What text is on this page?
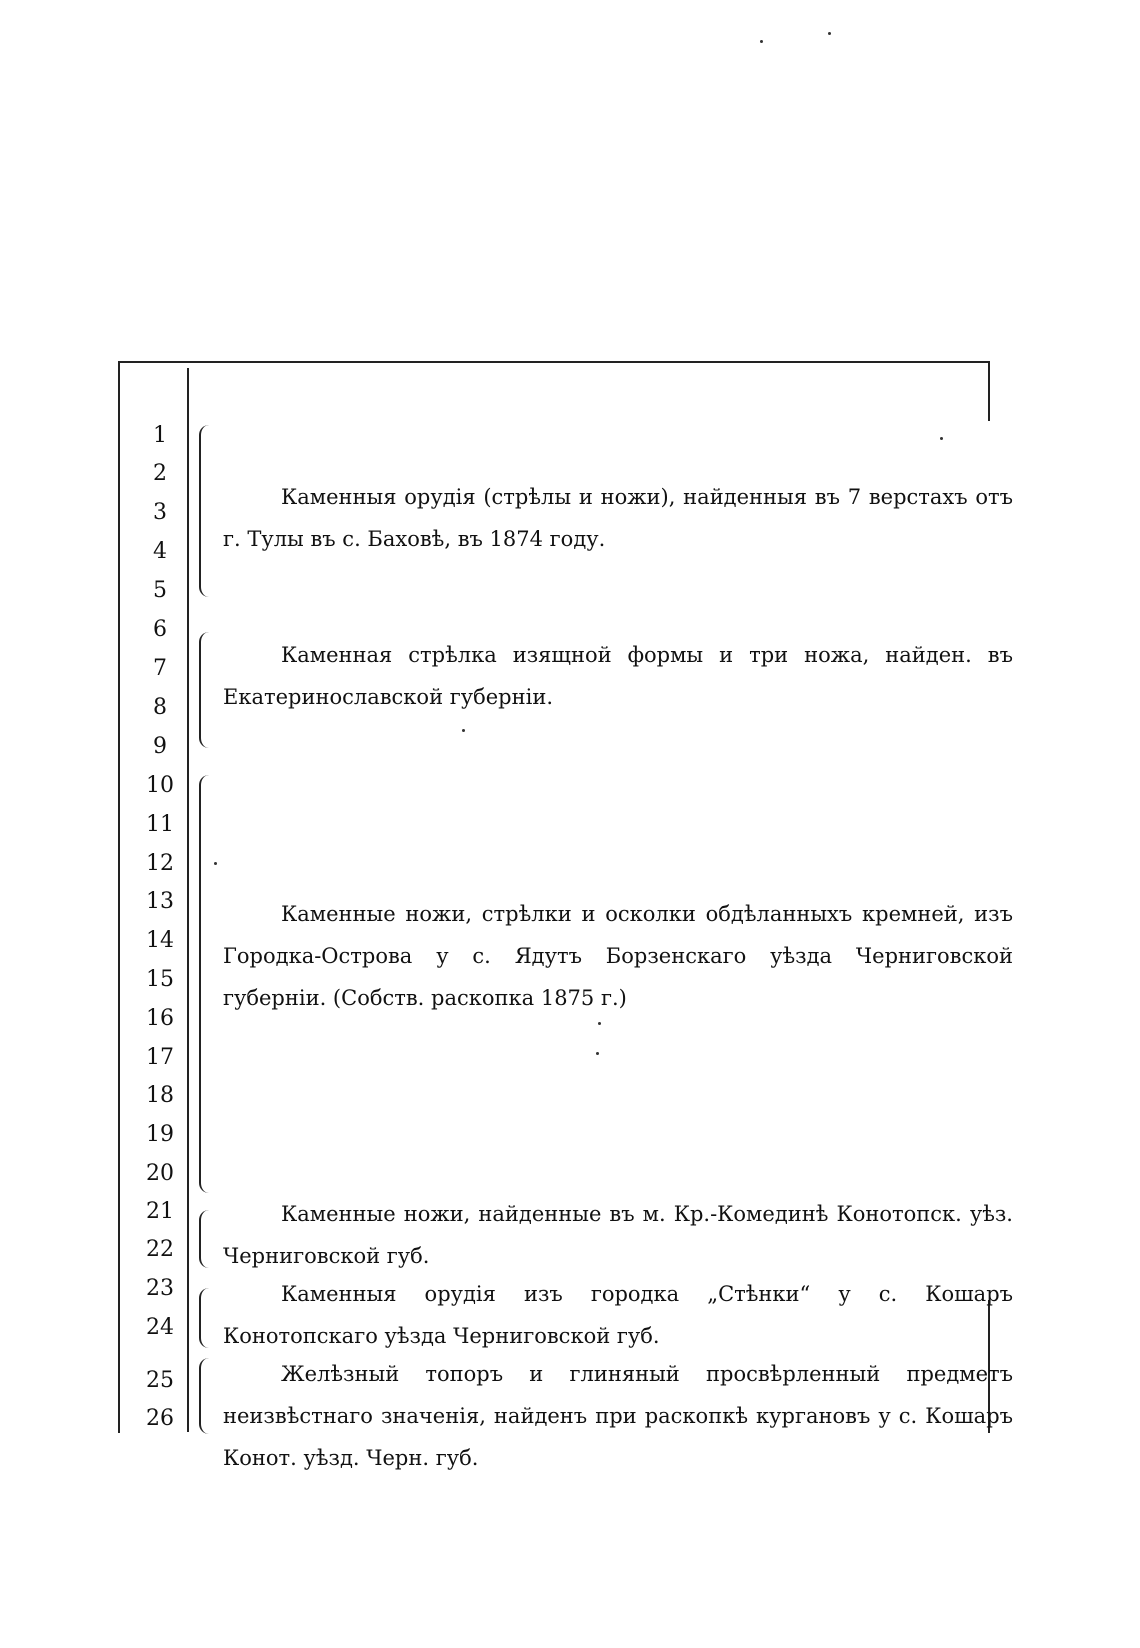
1
2
3
4
5
6
7
8
9
10
11
12
13
14
15
16
17
18
19
20
21
22
23
24
25
26
Каменныя орудія (стрѣлы и ножи), найденныя въ 7 верстахъ отъ г. Тулы въ с. Баховѣ, въ 1874 году.
Каменная стрѣлка изящной формы и три ножа, найден. въ Екатеринославской губерніи.
Каменные ножи, стрѣлки и осколки обдѣланныхъ кремней, изъ Городка-Острова у с. Ядутъ Борзенскаго уѣзда Черниговской губерніи. (Собств. раскопка 1875 г.)
Каменные ножи, найденные въ м. Кр.-Комединѣ Конотопск. уѣз. Черниговской губ.
Каменныя орудія изъ городка „Стѣнки“ у с. Кошаръ Конотопскаго уѣзда Черниговской губ.
Желѣзный топоръ и глиняный просвѣрленный предметъ неизвѣстнаго значенія, найденъ при раскопкѣ кургановъ у с. Кошаръ Конот. уѣзд. Черн. губ.
